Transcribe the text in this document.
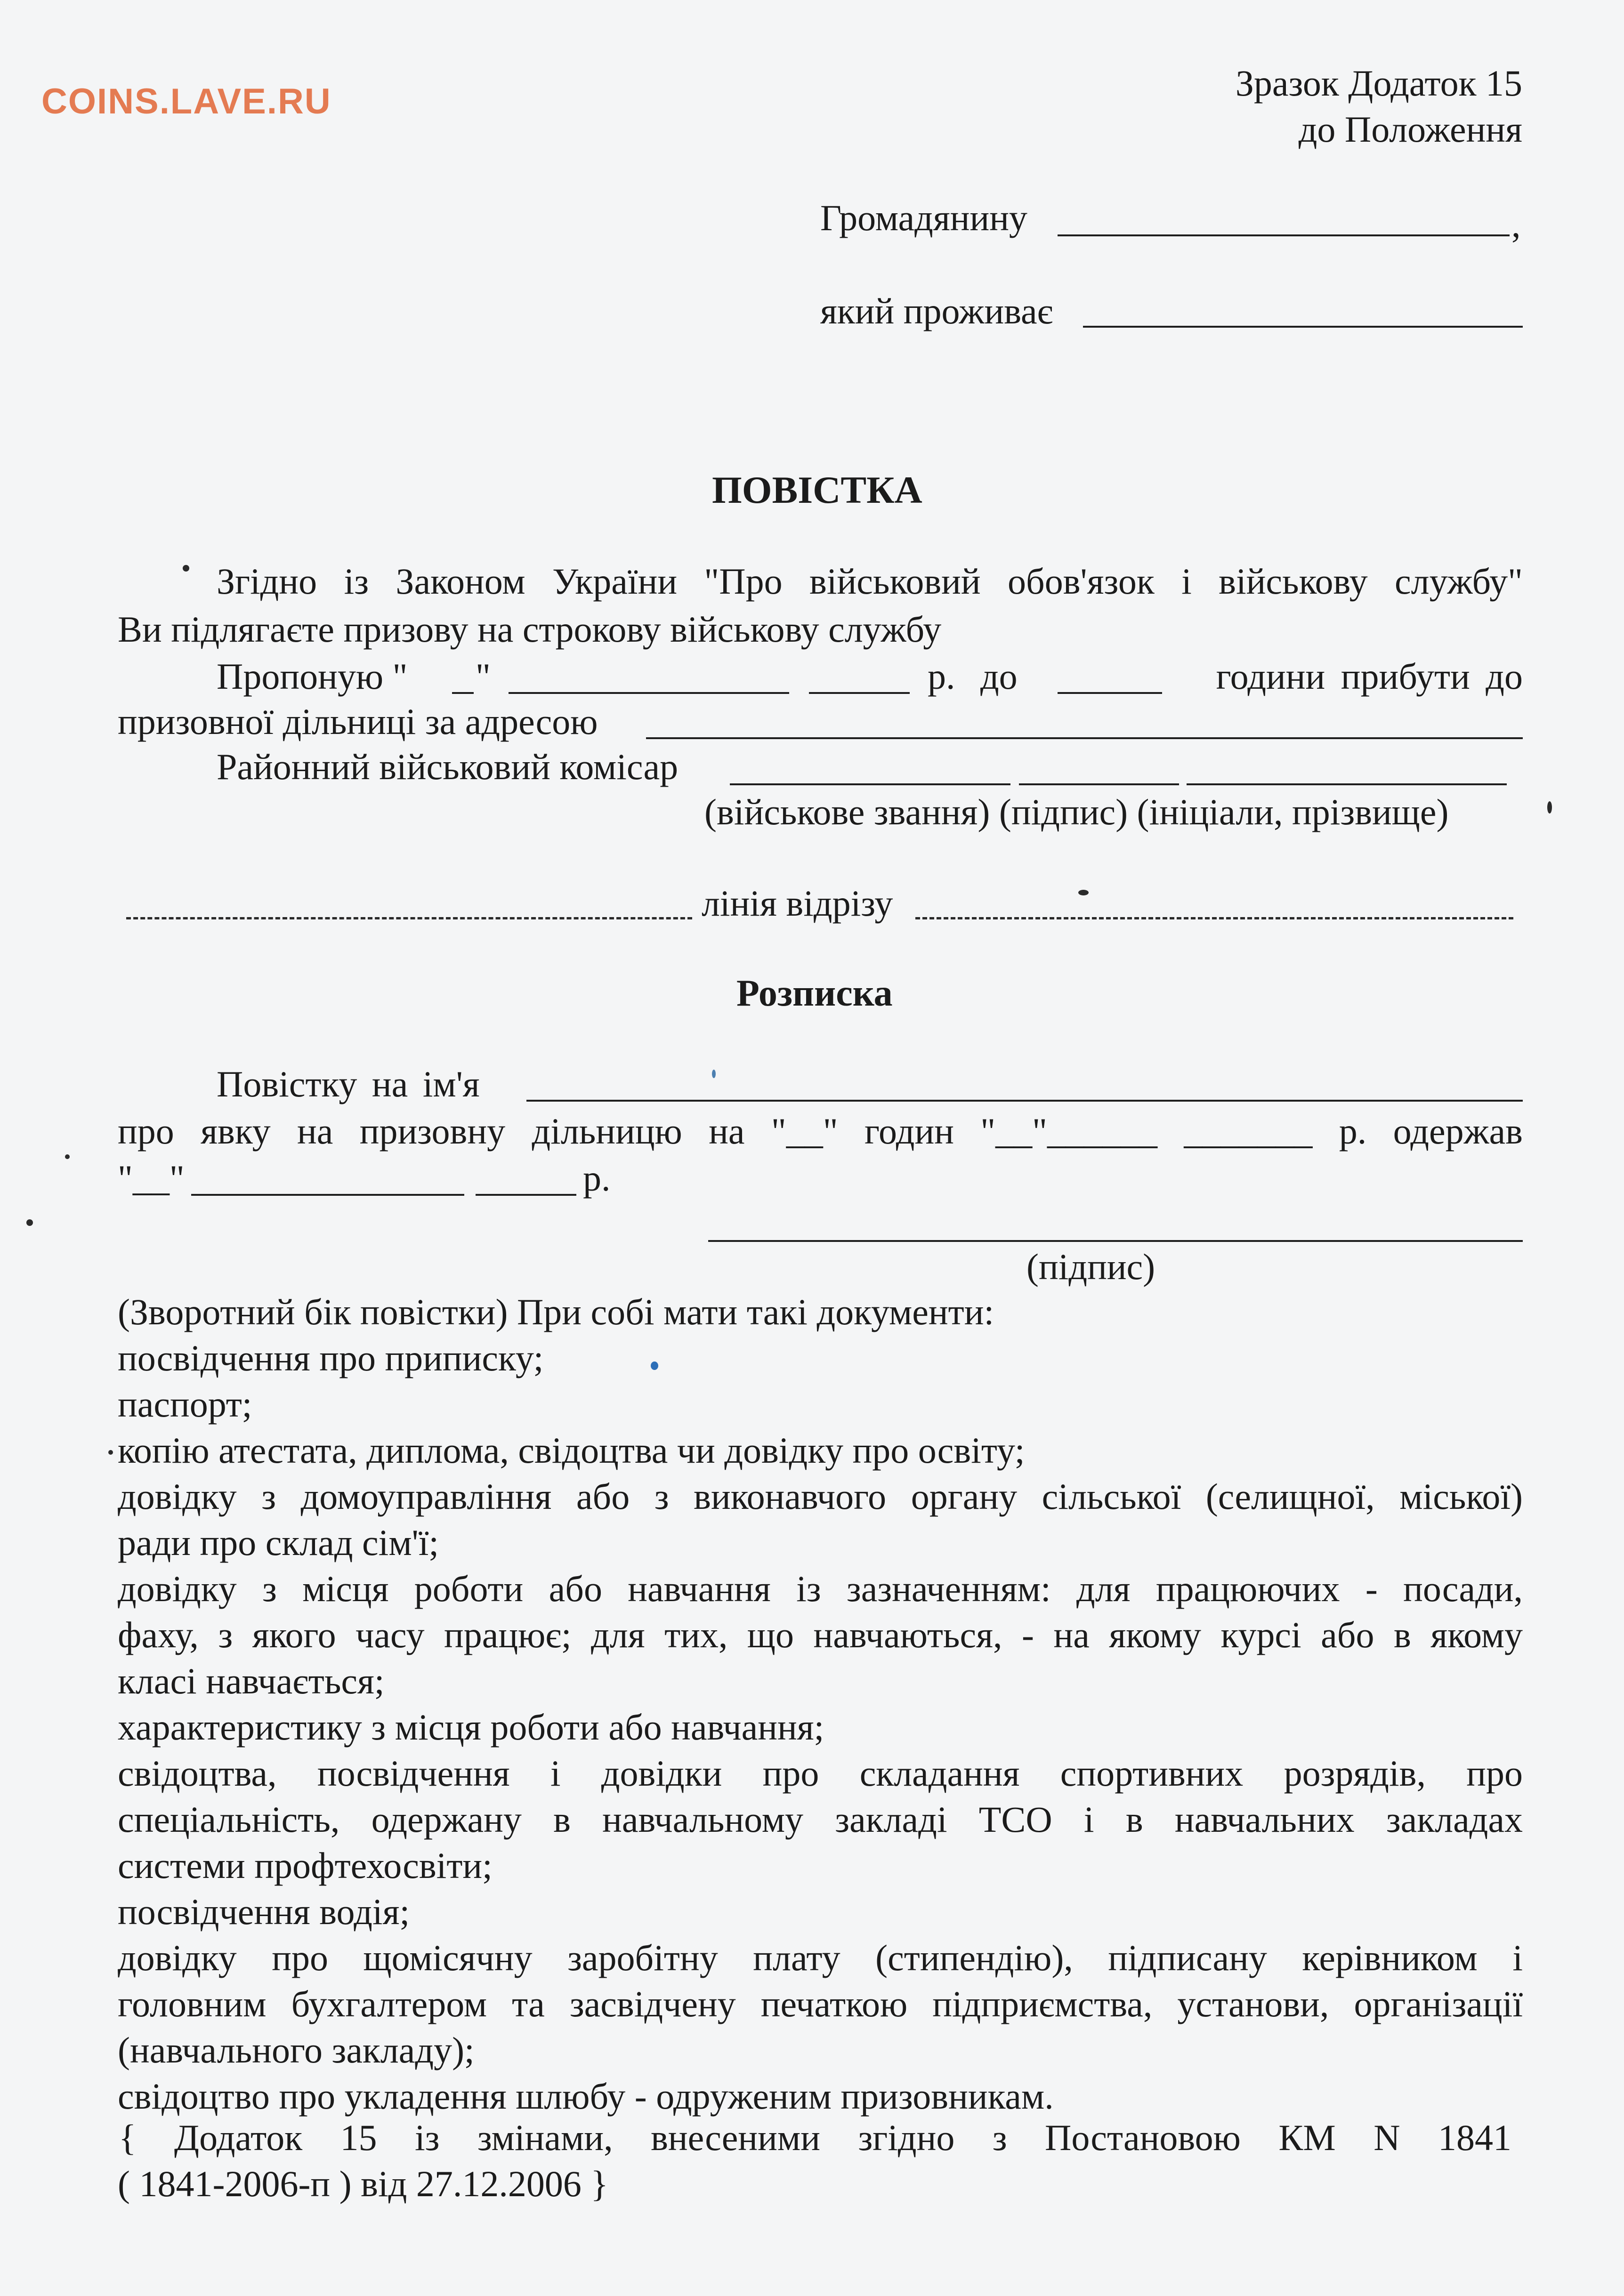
COINS.LAVE.RU	Зразок Додаток 15
до Положення
Громадянину	,
який проживає
ПОВІСТКА
Згідно із Законом України "Про військовий обов'язок і військову службу"
Ви підлягаєте призову на строкову військову службу
Пропоную " "	р. до	години прибути до
призовної дільниці за адресою
Районний військовий комісар
(військове звання) (підпис) (ініціали, прізвище)
лінія відрізу
Розписка
Повістку на ім'я
про явку на призовну дільницю на "__" годин "__"______ _______ р. одержав
"__"	р.
(підпис)
(Зворотний бік повістки) При собі мати такі документи:
посвідчення про приписку;
паспорт;
копію атестата, диплома, свідоцтва чи довідку про освіту;
довідку з домоуправління або з виконавчого органу сільської (селищної, міської)
ради про склад сім'ї;
довідку з місця роботи або навчання із зазначенням: для працюючих - посади,
фаху, з якого часу працює; для тих, що навчаються, - на якому курсі або в якому
класі навчається;
характеристику з місця роботи або навчання;
свідоцтва, посвідчення і довідки про складання спортивних розрядів, про
спеціальність, одержану в навчальному закладі ТСО і в навчальних закладах
системи профтехосвіти;
посвідчення водія;
довідку про щомісячну заробітну плату (стипендію), підписану керівником і
головним бухгалтером та засвідчену печаткою підприємства, установи, організації
(навчального закладу);
свідоцтво про укладення шлюбу - одруженим призовникам.
{ Додаток 15 із змінами, внесеними згідно з Постановою КМ N 1841
( 1841-2006-п ) від 27.12.2006 }
